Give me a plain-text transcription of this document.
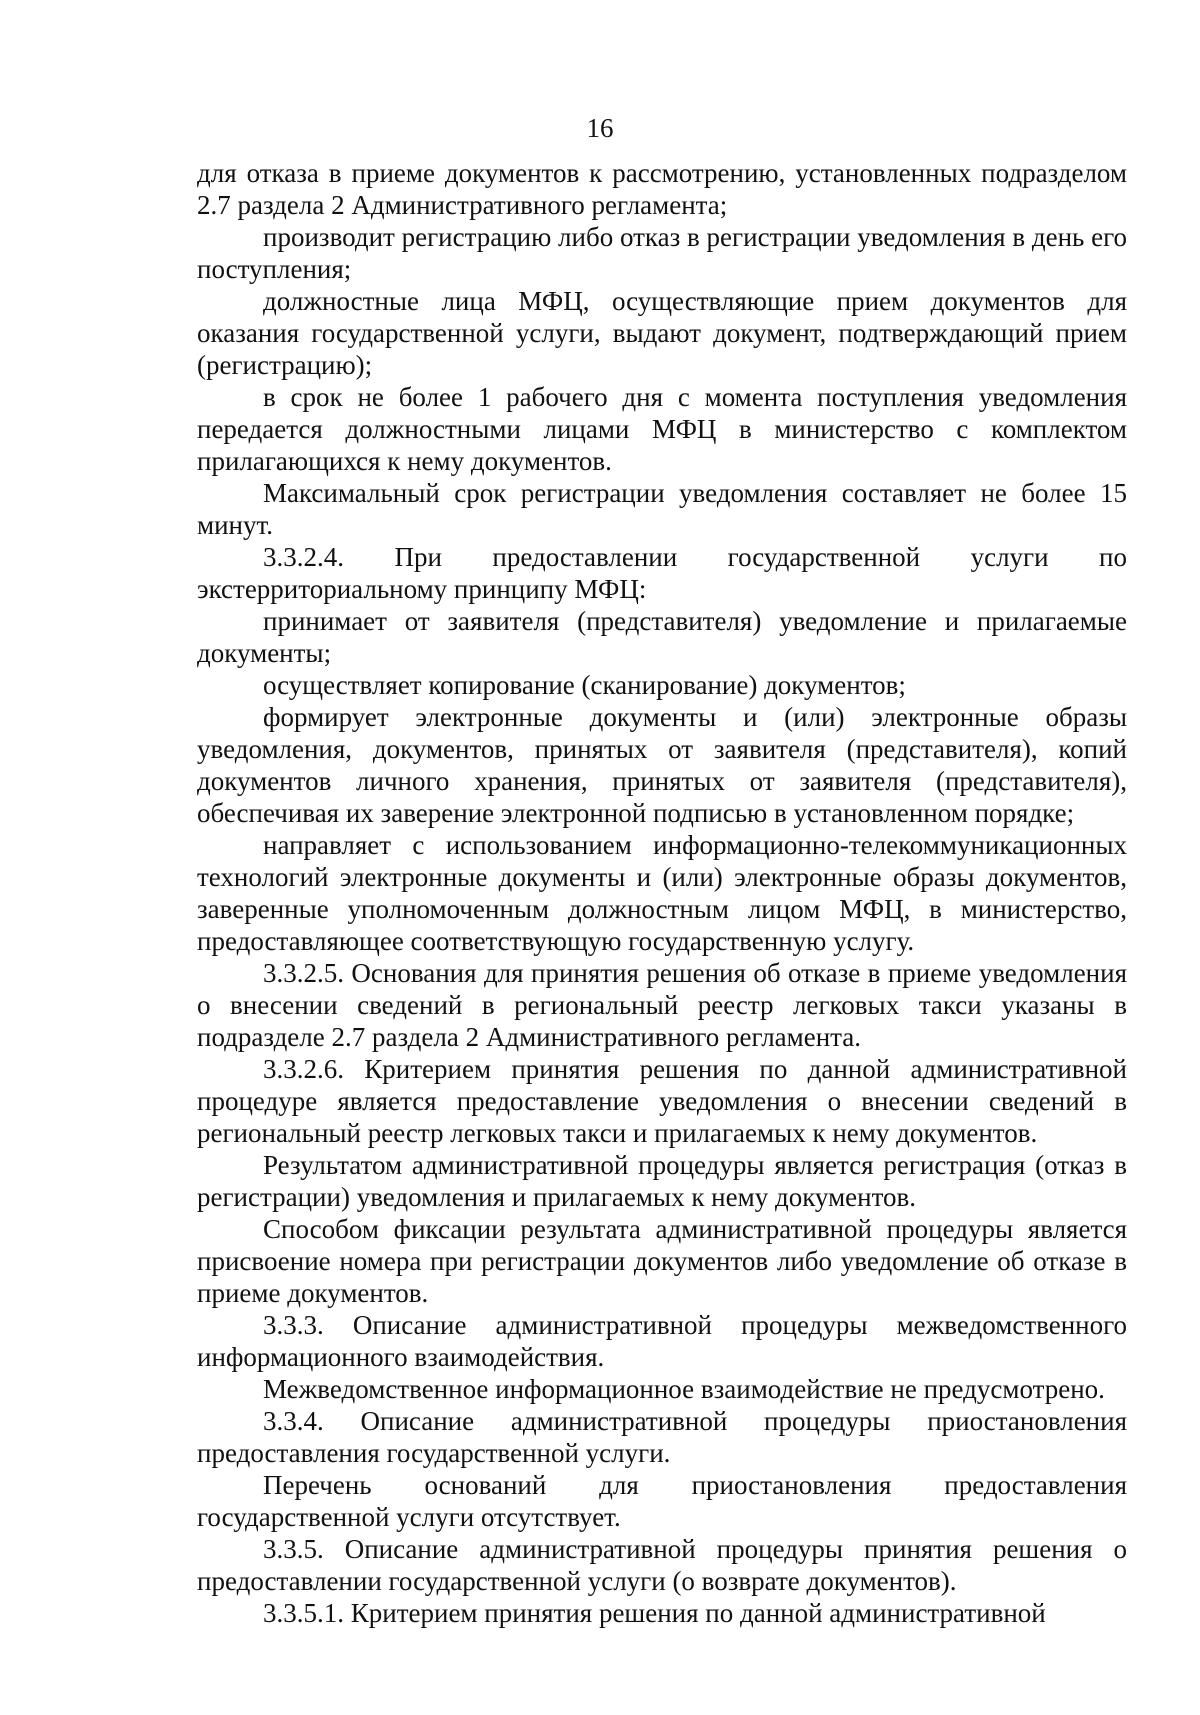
16

для отказа в приеме документов к рассмотрению, установленных подразделом 2.7 раздела 2 Административного регламента;

производит регистрацию либо отказ в регистрации уведомления в день его поступления;

должностные лица МФЦ, осуществляющие прием документов для оказания государственной услуги, выдают документ, подтверждающий прием (регистрацию);

в срок не более 1 рабочего дня с момента поступления уведомления передается должностными лицами МФЦ в министерство с комплектом прилагающихся к нему документов.

Максимальный срок регистрации уведомления составляет не более 15 минут.

3.3.2.4. При предоставлении государственной услуги по экстерриториальному принципу МФЦ:

принимает от заявителя (представителя) уведомление и прилагаемые документы;

осуществляет копирование (сканирование) документов;

формирует электронные документы и (или) электронные образы уведомления, документов, принятых от заявителя (представителя), копий документов личного хранения, принятых от заявителя (представителя), обеспечивая их заверение электронной подписью в установленном порядке;

направляет с использованием информационно-телекоммуникационных технологий электронные документы и (или) электронные образы документов, заверенные уполномоченным должностным лицом МФЦ, в министерство, предоставляющее соответствующую государственную услугу.

3.3.2.5. Основания для принятия решения об отказе в приеме уведомления о внесении сведений в региональный реестр легковых такси указаны в подразделе 2.7 раздела 2 Административного регламента.

3.3.2.6. Критерием принятия решения по данной административной процедуре является предоставление уведомления о внесении сведений в региональный реестр легковых такси и прилагаемых к нему документов.

Результатом административной процедуры является регистрация (отказ в регистрации) уведомления и прилагаемых к нему документов.

Способом фиксации результата административной процедуры является присвоение номера при регистрации документов либо уведомление об отказе в приеме документов.

3.3.3. Описание административной процедуры межведомственного информационного взаимодействия.

Межведомственное информационное взаимодействие не предусмотрено.

3.3.4. Описание административной процедуры приостановления предоставления государственной услуги.

Перечень оснований для приостановления предоставления государственной услуги отсутствует.

3.3.5. Описание административной процедуры принятия решения о предоставлении государственной услуги (о возврате документов).

3.3.5.1. Критерием принятия решения по данной административной
